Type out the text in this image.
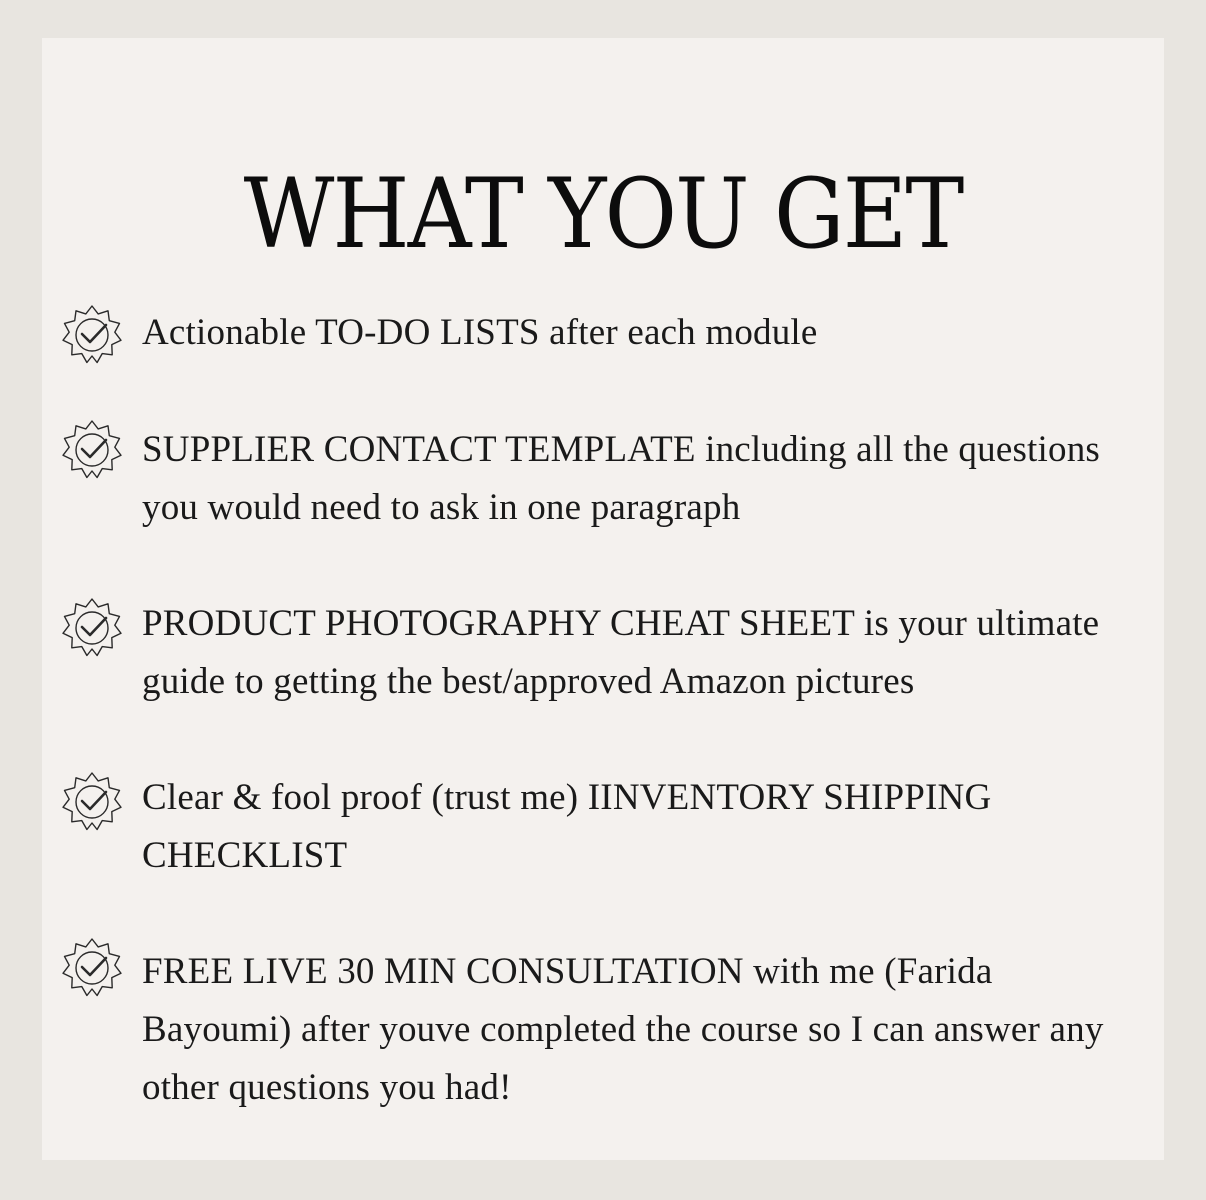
WHAT YOU GET

Actionable TO-DO LISTS after each module

SUPPLIER CONTACT TEMPLATE including all the questions you would need to ask in one paragraph

PRODUCT PHOTOGRAPHY CHEAT SHEET is your ultimate guide to getting the best/approved Amazon pictures

Clear & fool proof (trust me) IINVENTORY SHIPPING CHECKLIST

FREE LIVE 30 MIN CONSULTATION with me (Farida Bayoumi) after youve completed the course so I can answer any other questions you had!
